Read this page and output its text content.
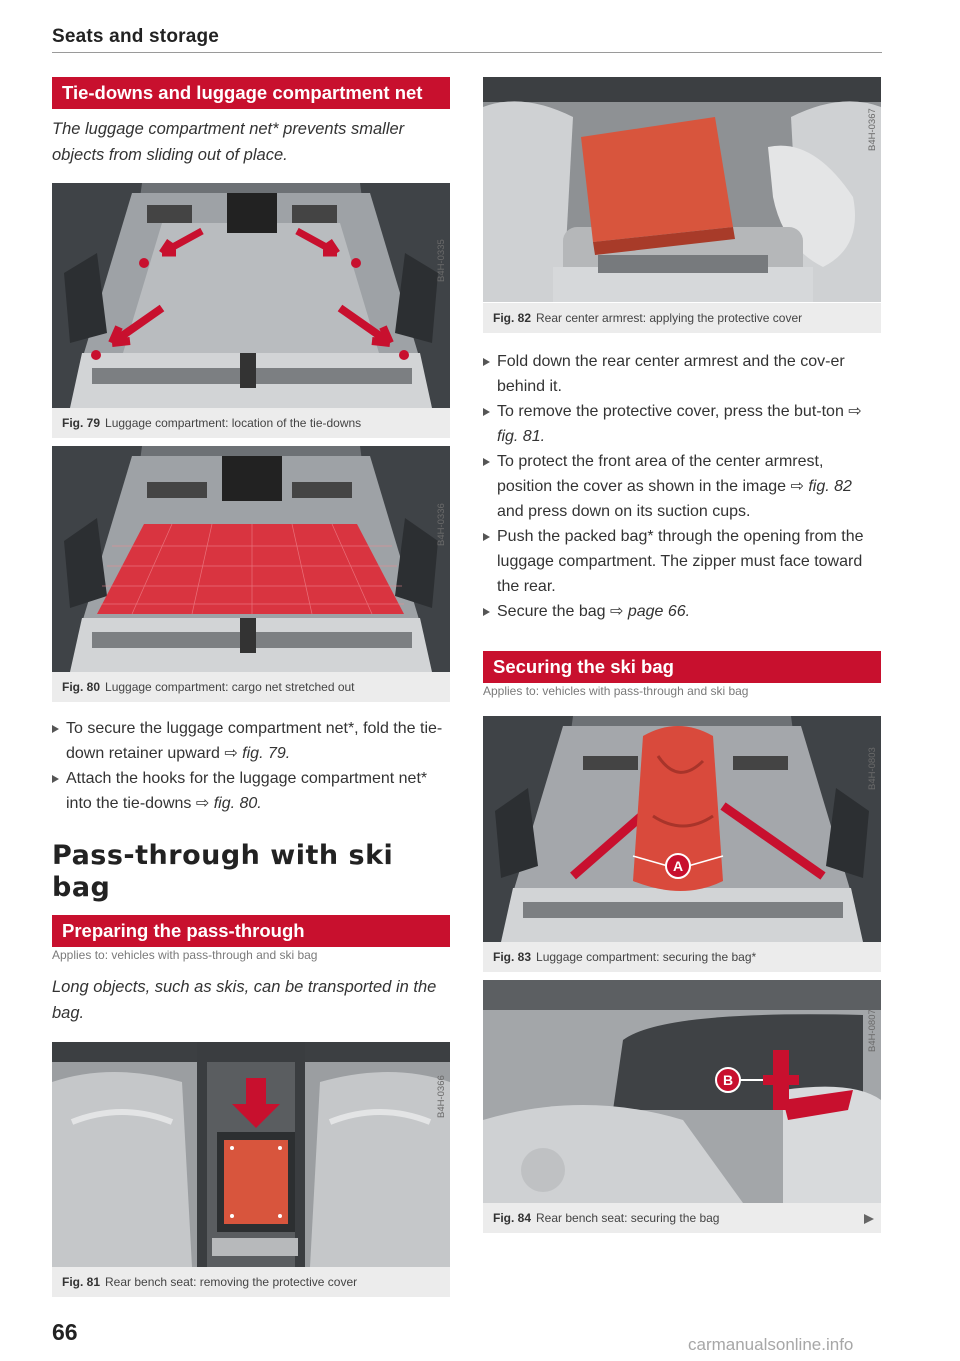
Seats and storage
Tie-downs and luggage compartment net
The luggage compartment net* prevents smaller objects from sliding out of place.
B4H-0335
Fig. 79 Luggage compartment: location of the tie-downs
B4H-0336
Fig. 80 Luggage compartment: cargo net stretched out
To secure the luggage compartment net*, fold the tie-down retainer upward ⇨ fig. 79.
Attach the hooks for the luggage compartment net* into the tie-downs ⇨ fig. 80.
Pass-through with ski bag
Preparing the pass-through
Applies to: vehicles with pass-through and ski bag
Long objects, such as skis, can be transported in the bag.
B4H-0366
Fig. 81 Rear bench seat: removing the protective cover
66
B4H-0367
Fig. 82 Rear center armrest: applying the protective cover
Fold down the rear center armrest and the cov-er behind it.
To remove the protective cover, press the but-ton ⇨ fig. 81.
To protect the front area of the center armrest, position the cover as shown in the image ⇨ fig. 82 and press down on its suction cups.
Push the packed bag* through the opening from the luggage compartment. The zipper must face toward the rear.
Secure the bag ⇨ page 66.
Securing the ski bag
Applies to: vehicles with pass-through and ski bag
A
B4H-0803
Fig. 83 Luggage compartment: securing the bag*
B
B4H-0807
Fig. 84 Rear bench seat: securing the bag
carmanualsonline.info
